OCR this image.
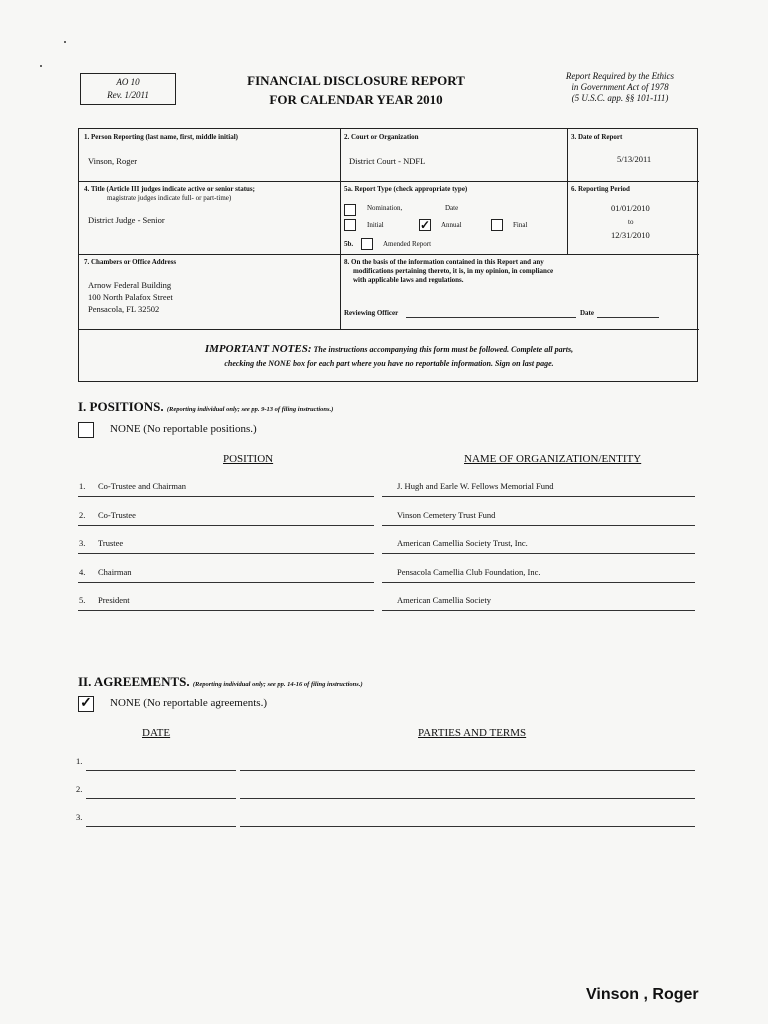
AO 10
Rev. 1/2011
FINANCIAL DISCLOSURE REPORT
FOR CALENDAR YEAR 2010
Report Required by the Ethics
in Government Act of 1978
(5 U.S.C. app. §§ 101-111)
1. Person Reporting (last name, first, middle initial)
Vinson, Roger
2. Court or Organization
District Court - NDFL
3. Date of Report
5/13/2011
4. Title (Article III judges indicate active or senior status;
magistrate judges indicate full- or part-time)
District Judge - Senior
5a. Report Type (check appropriate type)
Nomination,	Date
Initial	✓ Annual	Final
5b.	Amended Report
6. Reporting Period
01/01/2010
to
12/31/2010
7. Chambers or Office Address
Arnow Federal Building
100 North Palafox Street
Pensacola, FL 32502
8. On the basis of the information contained in this Report and any
modifications pertaining thereto, it is, in my opinion, in compliance
with applicable laws and regulations.
Reviewing Officer	Date
IMPORTANT NOTES: The instructions accompanying this form must be followed. Complete all parts,
checking the NONE box for each part where you have no reportable information. Sign on last page.
I. POSITIONS. (Reporting individual only; see pp. 9-13 of filing instructions.)
NONE (No reportable positions.)
POSITION	NAME OF ORGANIZATION/ENTITY
1. Co-Trustee and Chairman	J. Hugh and Earle W. Fellows Memorial Fund
2. Co-Trustee	Vinson Cemetery Trust Fund
3. Trustee	American Camellia Society Trust, Inc.
4. Chairman	Pensacola Camellia Club Foundation, Inc.
5. President	American Camellia Society
II. AGREEMENTS. (Reporting individual only; see pp. 14-16 of filing instructions.)
✓ NONE (No reportable agreements.)
DATE	PARTIES AND TERMS
1.
2.
3.
Vinson , Roger
